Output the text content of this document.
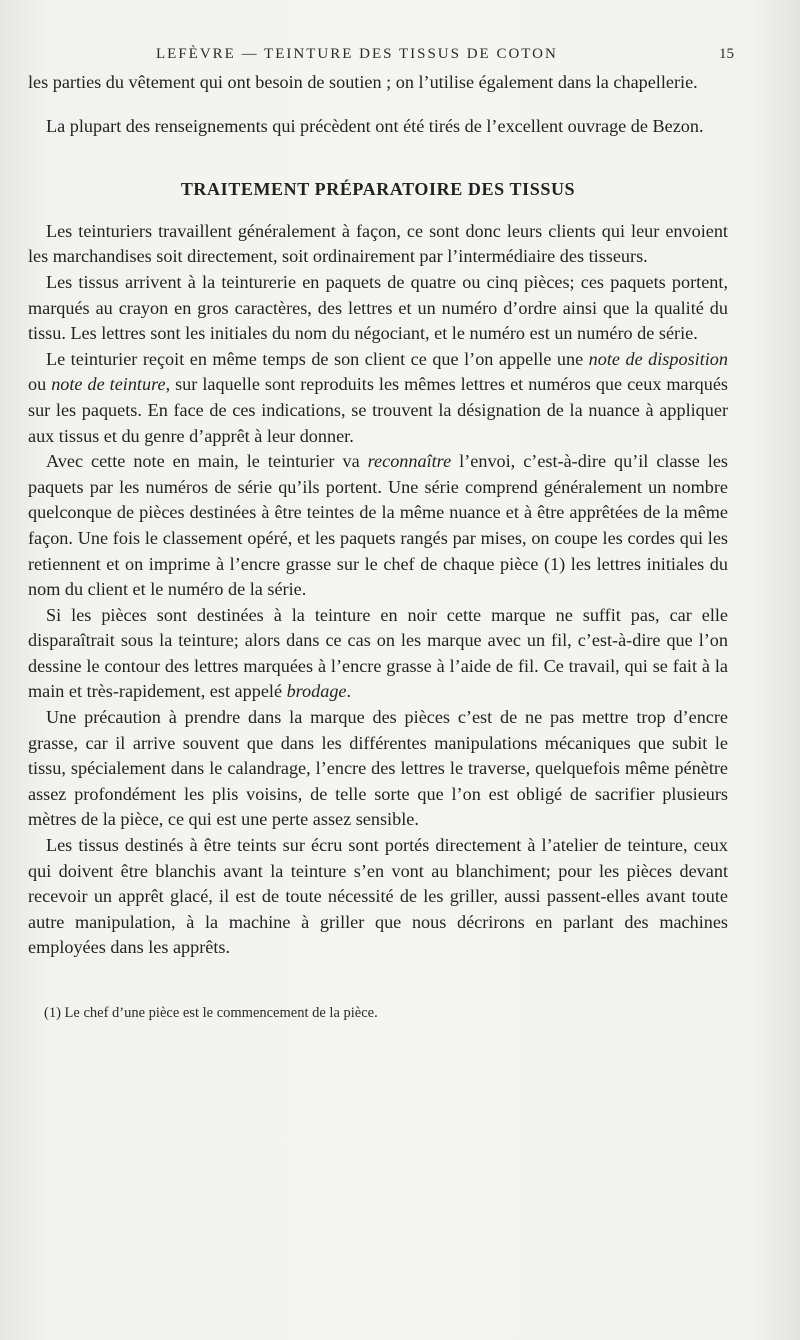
LEFÈVRE — TEINTURE DES TISSUS DE COTON	15

les parties du vêtement qui ont besoin de soutien ; on l’utilise également dans la chapellerie.

La plupart des renseignements qui précèdent ont été tirés de l’excellent ouvrage de Bezon.

TRAITEMENT PRÉPARATOIRE DES TISSUS

Les teinturiers travaillent généralement à façon, ce sont donc leurs clients qui leur envoient les marchandises soit directement, soit ordinairement par l’intermédiaire des tisseurs.

Les tissus arrivent à la teinturerie en paquets de quatre ou cinq pièces; ces paquets portent, marqués au crayon en gros caractères, des lettres et un numéro d’ordre ainsi que la qualité du tissu. Les lettres sont les initiales du nom du négociant, et le numéro est un numéro de série.

Le teinturier reçoit en même temps de son client ce que l’on appelle une note de disposition ou note de teinture, sur laquelle sont reproduits les mêmes lettres et numéros que ceux marqués sur les paquets. En face de ces indications, se trouvent la désignation de la nuance à appliquer aux tissus et du genre d’apprêt à leur donner.

Avec cette note en main, le teinturier va reconnaître l’envoi, c’est-à-dire qu’il classe les paquets par les numéros de série qu’ils portent. Une série comprend généralement un nombre quelconque de pièces destinées à être teintes de la même nuance et à être apprêtées de la même façon. Une fois le classement opéré, et les paquets rangés par mises, on coupe les cordes qui les retiennent et on imprime à l’encre grasse sur le chef de chaque pièce (1) les lettres initiales du nom du client et le numéro de la série.

Si les pièces sont destinées à la teinture en noir cette marque ne suffit pas, car elle disparaîtrait sous la teinture; alors dans ce cas on les marque avec un fil, c’est-à-dire que l’on dessine le contour des lettres marquées à l’encre grasse à l’aide de fil. Ce travail, qui se fait à la main et très-rapidement, est appelé brodage.

Une précaution à prendre dans la marque des pièces c’est de ne pas mettre trop d’encre grasse, car il arrive souvent que dans les différentes manipulations mécaniques que subit le tissu, spécialement dans le calandrage, l’encre des lettres le traverse, quelquefois même pénètre assez profondément les plis voisins, de telle sorte que l’on est obligé de sacrifier plusieurs mètres de la pièce, ce qui est une perte assez sensible.

Les tissus destinés à être teints sur écru sont portés directement à l’atelier de teinture, ceux qui doivent être blanchis avant la teinture s’en vont au blanchiment; pour les pièces devant recevoir un apprêt glacé, il est de toute nécessité de les griller, aussi passent-elles avant toute autre manipulation, à la machine à griller que nous décrirons en parlant des machines employées dans les apprêts.

(1) Le chef d’une pièce est le commencement de la pièce.
